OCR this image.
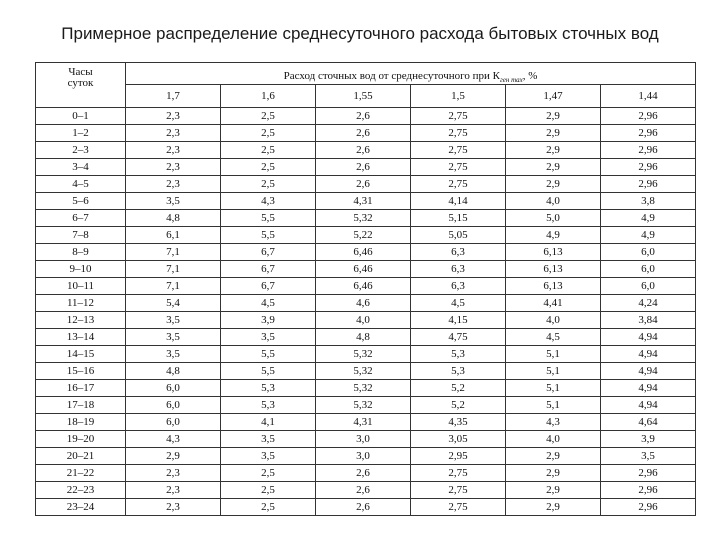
Примерное распределение среднесуточного расхода бытовых сточных вод
Часы
суток	Расход сточных вод от среднесуточного при $К_{ген max}$, %					
	1,7	1,6	1,55	1,5	1,47	1,44
0–1	2,3	2,5	2,6	2,75	2,9	2,96
1–2	2,3	2,5	2,6	2,75	2,9	2,96
2–3	2,3	2,5	2,6	2,75	2,9	2,96
3–4	2,3	2,5	2,6	2,75	2,9	2,96
4–5	2,3	2,5	2,6	2,75	2,9	2,96
5–6	3,5	4,3	4,31	4,14	4,0	3,8
6–7	4,8	5,5	5,32	5,15	5,0	4,9
7–8	6,1	5,5	5,22	5,05	4,9	4,9
8–9	7,1	6,7	6,46	6,3	6,13	6,0
9–10	7,1	6,7	6,46	6,3	6,13	6,0
10–11	7,1	6,7	6,46	6,3	6,13	6,0
11–12	5,4	4,5	4,6	4,5	4,41	4,24
12–13	3,5	3,9	4,0	4,15	4,0	3,84
13–14	3,5	3,5	4,8	4,75	4,5	4,94
14–15	3,5	5,5	5,32	5,3	5,1	4,94
15–16	4,8	5,5	5,32	5,3	5,1	4,94
16–17	6,0	5,3	5,32	5,2	5,1	4,94
17–18	6,0	5,3	5,32	5,2	5,1	4,94
18–19	6,0	4,1	4,31	4,35	4,3	4,64
19–20	4,3	3,5	3,0	3,05	4,0	3,9
20–21	2,9	3,5	3,0	2,95	2,9	3,5
21–22	2,3	2,5	2,6	2,75	2,9	2,96
22–23	2,3	2,5	2,6	2,75	2,9	2,96
23–24	2,3	2,5	2,6	2,75	2,9	2,96
